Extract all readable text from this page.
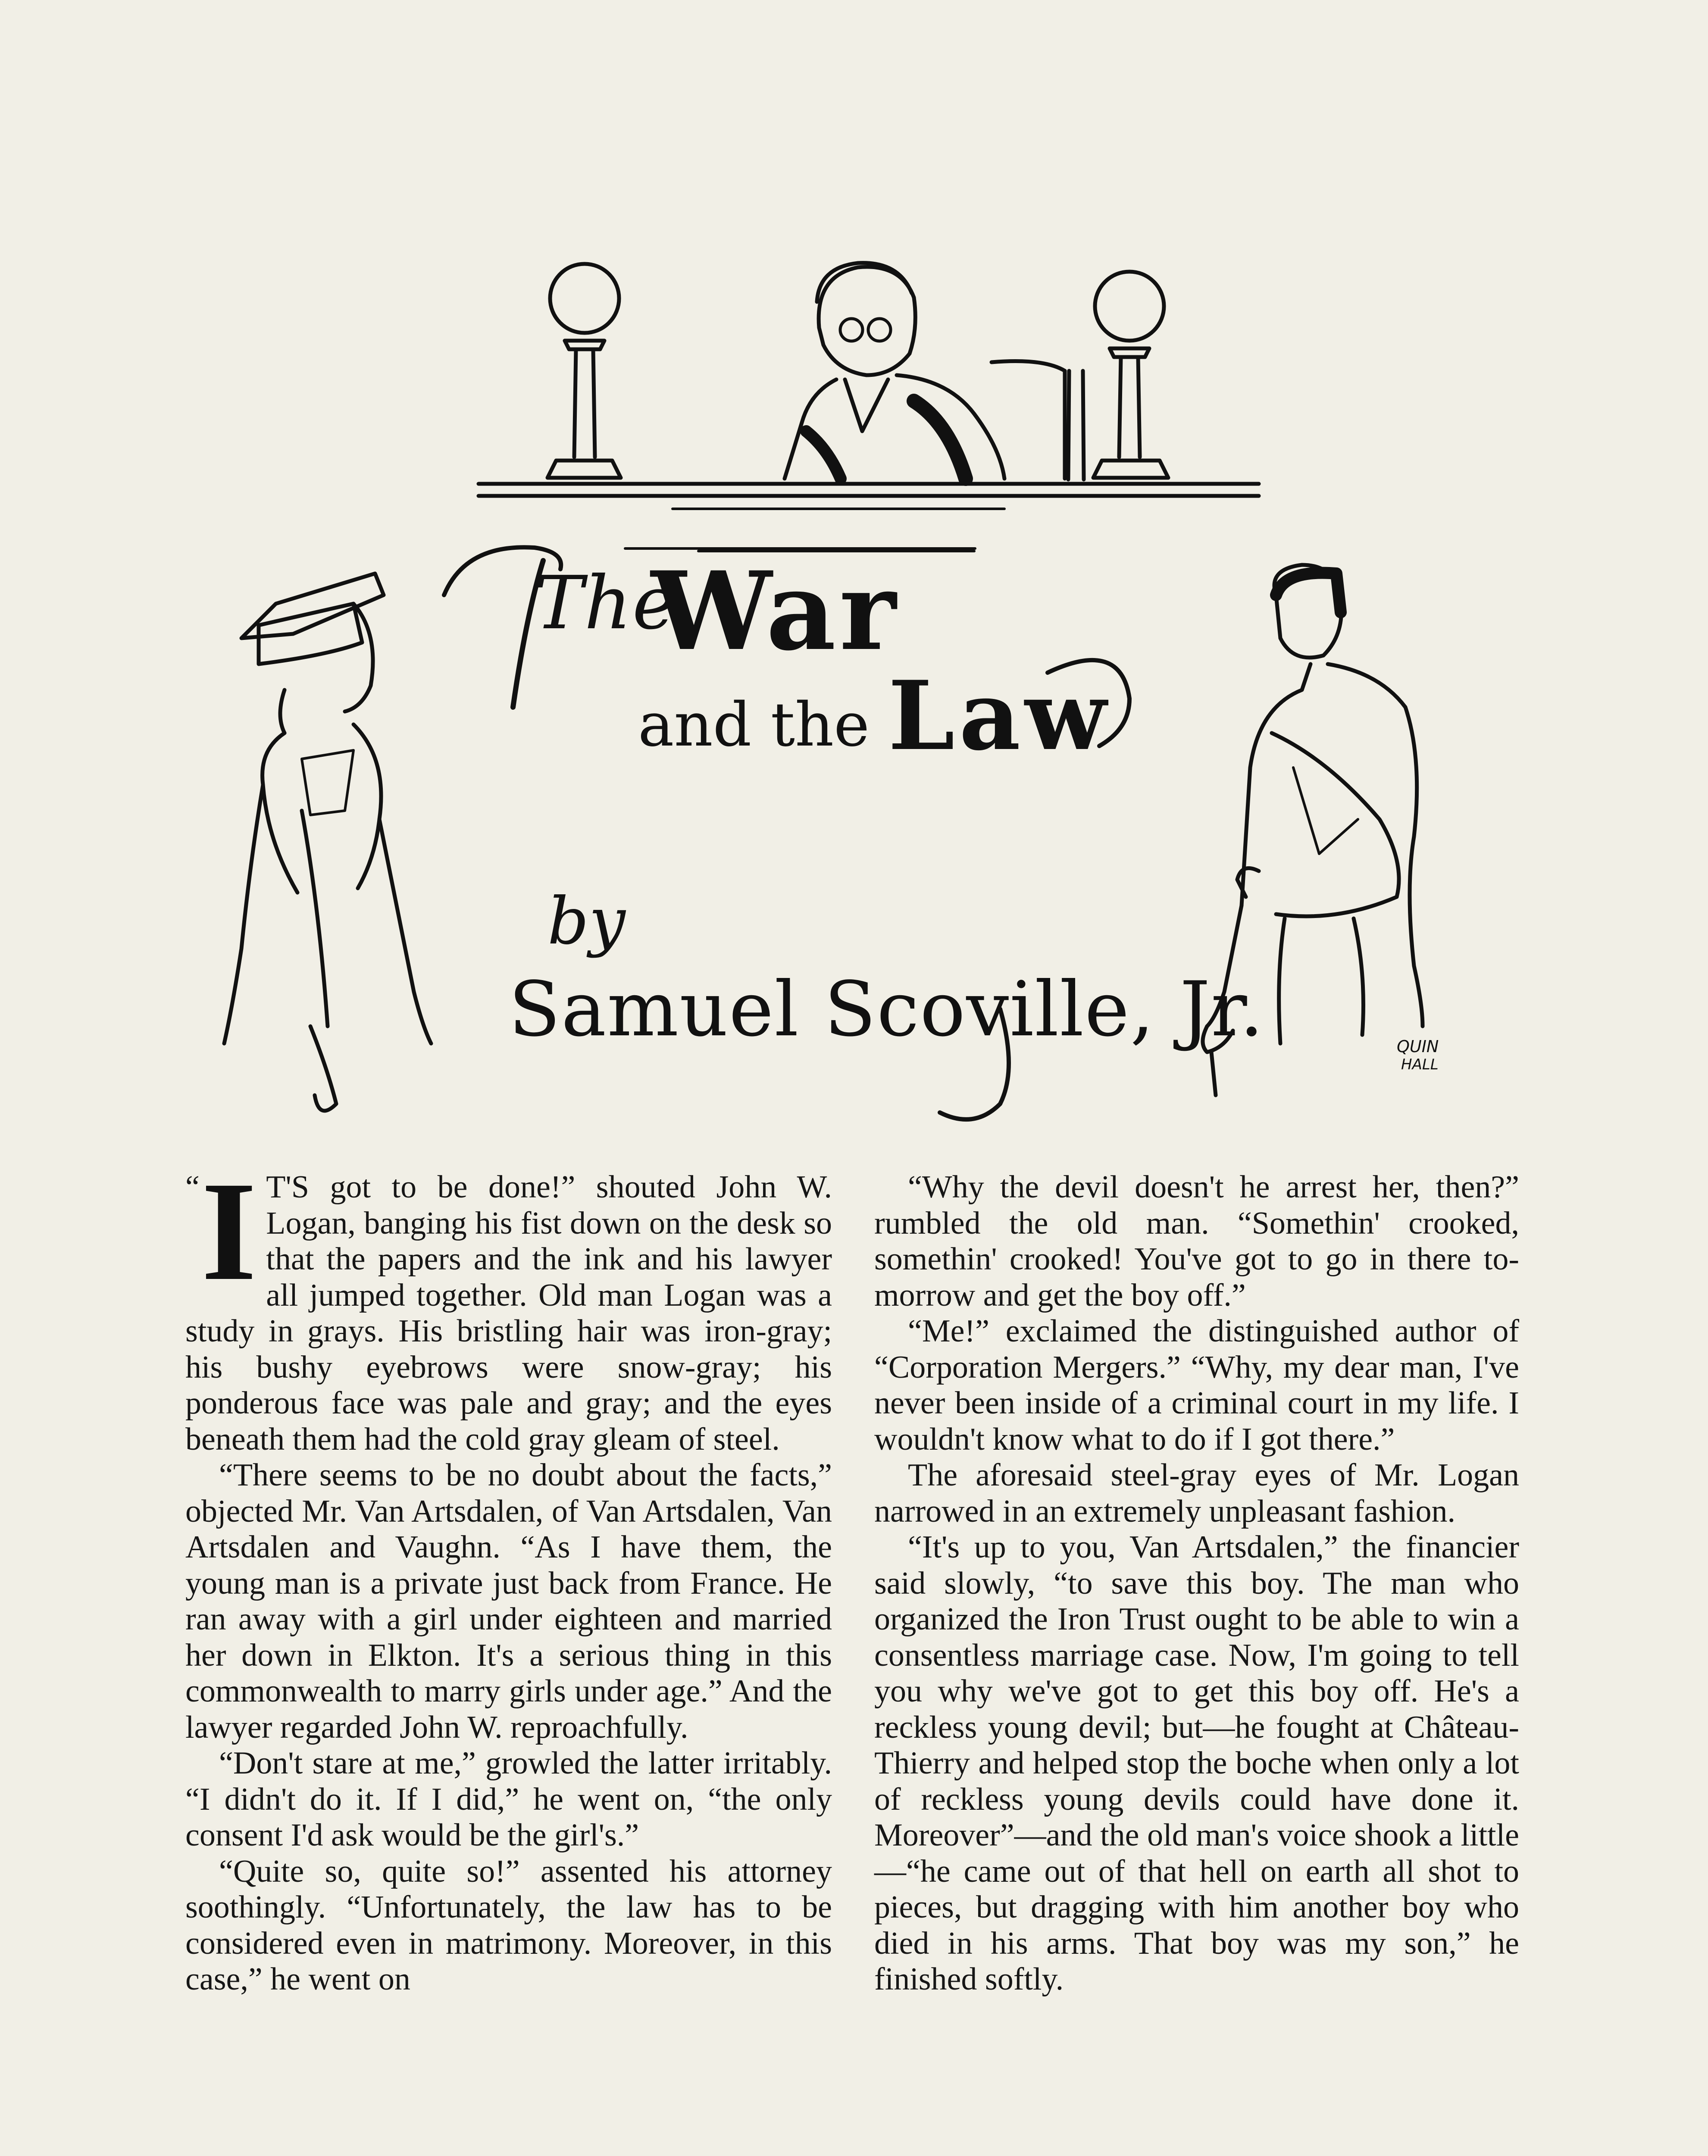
QUIN
HALL
The
War
and the Law
by
Samuel Scoville, Jr.

“ I T'S got to be done!” shouted John W. Logan, banging his fist down on the desk so that the papers and the ink and his lawyer all jumped together. Old man Logan was a study in grays. His bristling hair was iron-gray; his bushy eyebrows were snow-gray; his ponderous face was pale and gray; and the eyes beneath them had the cold gray gleam of steel.

“There seems to be no doubt about the facts,” objected Mr. Van Artsdalen, of Van Artsdalen, Van Artsdalen and Vaughn. “As I have them, the young man is a private just back from France. He ran away with a girl under eighteen and married her down in Elkton. It's a serious thing in this commonwealth to marry girls under age.” And the lawyer regarded John W. reproachfully.

“Don't stare at me,” growled the latter irritably. “I didn't do it. If I did,” he went on, “the only consent I'd ask would be the girl's.”

“Quite so, quite so!” assented his attorney soothingly. “Unfortunately, the law has to be considered even in matrimony. Moreover, in this case,” he went on

“Why the devil doesn't he arrest her, then?” rumbled the old man. “Somethin' crooked, somethin' crooked! You've got to go in there to-morrow and get the boy off.”

“Me!” exclaimed the distinguished author of “Corporation Mergers.” “Why, my dear man, I've never been inside of a criminal court in my life. I wouldn't know what to do if I got there.”

The aforesaid steel-gray eyes of Mr. Logan narrowed in an extremely unpleasant fashion.

“It's up to you, Van Artsdalen,” the financier said slowly, “to save this boy. The man who organized the Iron Trust ought to be able to win a consentless marriage case. Now, I'm going to tell you why we've got to get this boy off. He's a reckless young devil; but—he fought at Château-Thierry and helped stop the boche when only a lot of reckless young devils could have done it. Moreover”—and the old man's voice shook a little—“he came out of that hell on earth all shot to pieces, but dragging with him another boy who died in his arms. That boy was my son,” he finished softly.
